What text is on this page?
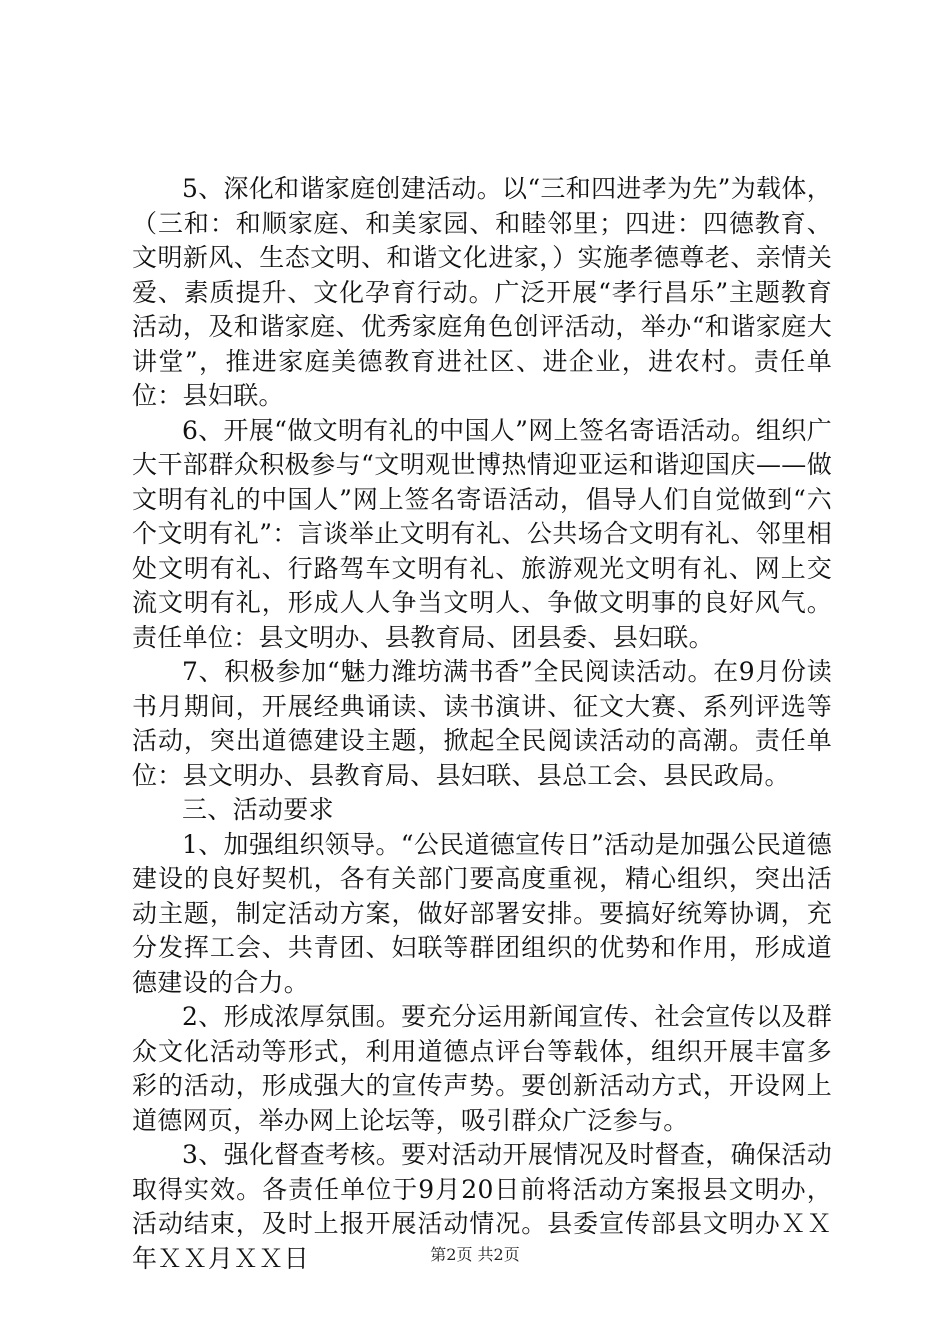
5、深化和谐家庭创建活动。以“三和四进孝为先”为载体，（三和：和顺家庭、和美家园、和睦邻里；四进：四德教育、文明新风、生态文明、和谐文化进家，）实施孝德尊老、亲情关爱、素质提升、文化孕育行动。广泛开展“孝行昌乐”主题教育活动，及和谐家庭、优秀家庭角色创评活动，举办“和谐家庭大讲堂”，推进家庭美德教育进社区、进企业，进农村。责任单位：县妇联。

6、开展“做文明有礼的中国人”网上签名寄语活动。组织广大干部群众积极参与“文明观世博热情迎亚运和谐迎国庆——做文明有礼的中国人”网上签名寄语活动，倡导人们自觉做到“六个文明有礼”：言谈举止文明有礼、公共场合文明有礼、邻里相处文明有礼、行路驾车文明有礼、旅游观光文明有礼、网上交流文明有礼，形成人人争当文明人、争做文明事的良好风气。责任单位：县文明办、县教育局、团县委、县妇联。

7、积极参加“魅力潍坊满书香”全民阅读活动。在9月份读书月期间，开展经典诵读、读书演讲、征文大赛、系列评选等活动，突出道德建设主题，掀起全民阅读活动的高潮。责任单位：县文明办、县教育局、县妇联、县总工会、县民政局。

三、活动要求

1、加强组织领导。“公民道德宣传日”活动是加强公民道德建设的良好契机，各有关部门要高度重视，精心组织，突出活动主题，制定活动方案，做好部署安排。要搞好统筹协调，充分发挥工会、共青团、妇联等群团组织的优势和作用，形成道德建设的合力。

2、形成浓厚氛围。要充分运用新闻宣传、社会宣传以及群众文化活动等形式，利用道德点评台等载体，组织开展丰富多彩的活动，形成强大的宣传声势。要创新活动方式，开设网上道德网页，举办网上论坛等，吸引群众广泛参与。

3、强化督查考核。要对活动开展情况及时督查，确保活动取得实效。各责任单位于9月20日前将活动方案报县文明办，活动结束，及时上报开展活动情况。县委宣传部县文明办ＸＸ年ＸＸ月ＸＸ日	第2页 共2页
